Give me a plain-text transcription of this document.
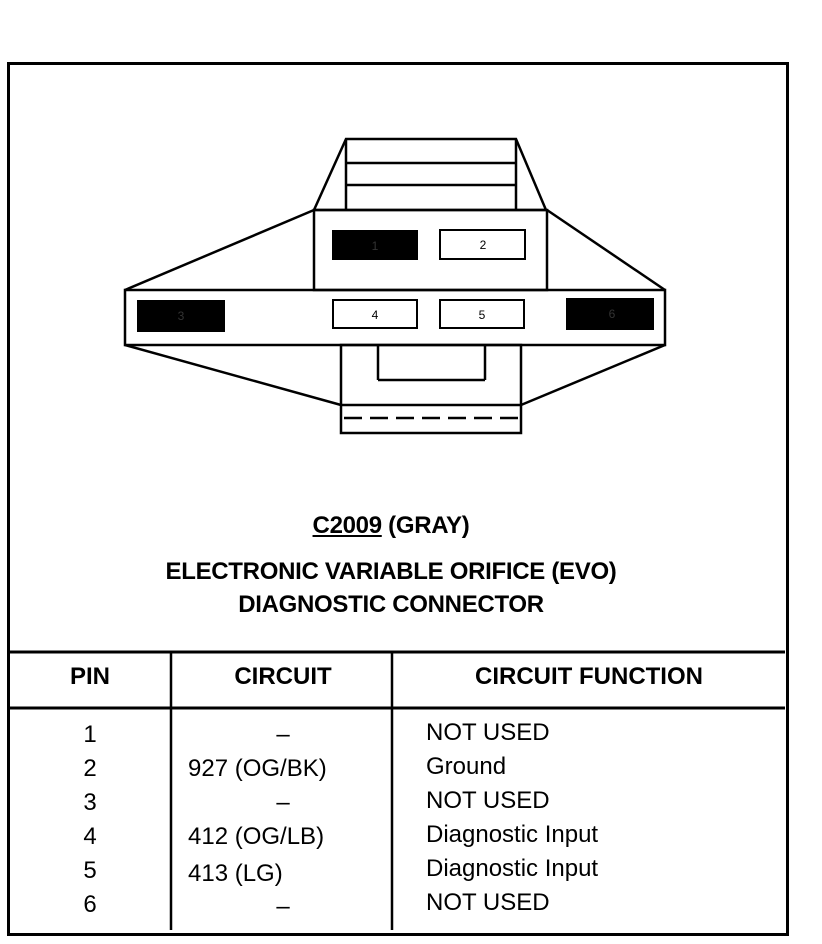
1	2
3	4	5	6
C2009 (GRAY)
ELECTRONIC VARIABLE ORIFICE (EVO)
DIAGNOSTIC CONNECTOR
PIN	CIRCUIT	CIRCUIT FUNCTION
1	–	NOT USED
2	927 (OG/BK)	Ground
3	–	NOT USED
4	412 (OG/LB)	Diagnostic Input
5	413 (LG)	Diagnostic Input
6	–	NOT USED
